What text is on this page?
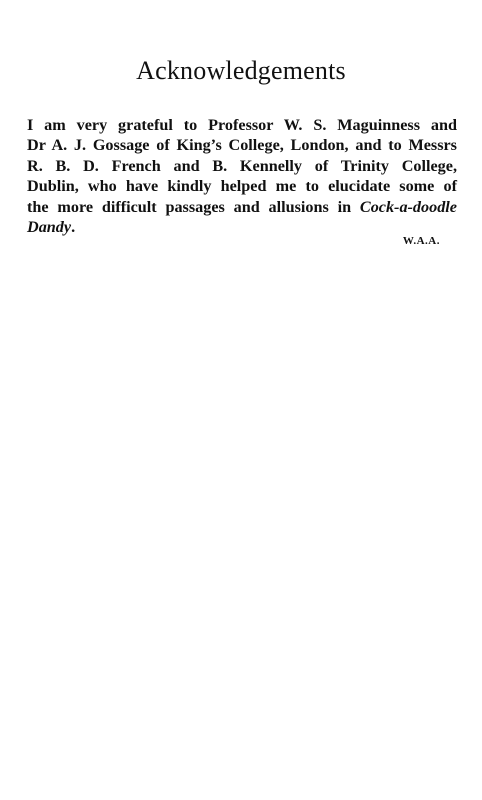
Acknowledgements

I am very grateful to Professor W. S. Maguinness and
Dr A. J. Gossage of King’s College, London, and to Messrs
R. B. D. French and B. Kennelly of Trinity College,
Dublin, who have kindly helped me to elucidate some of
the more difficult passages and allusions in Cock-a-doodle
Dandy.

W.A.A.
